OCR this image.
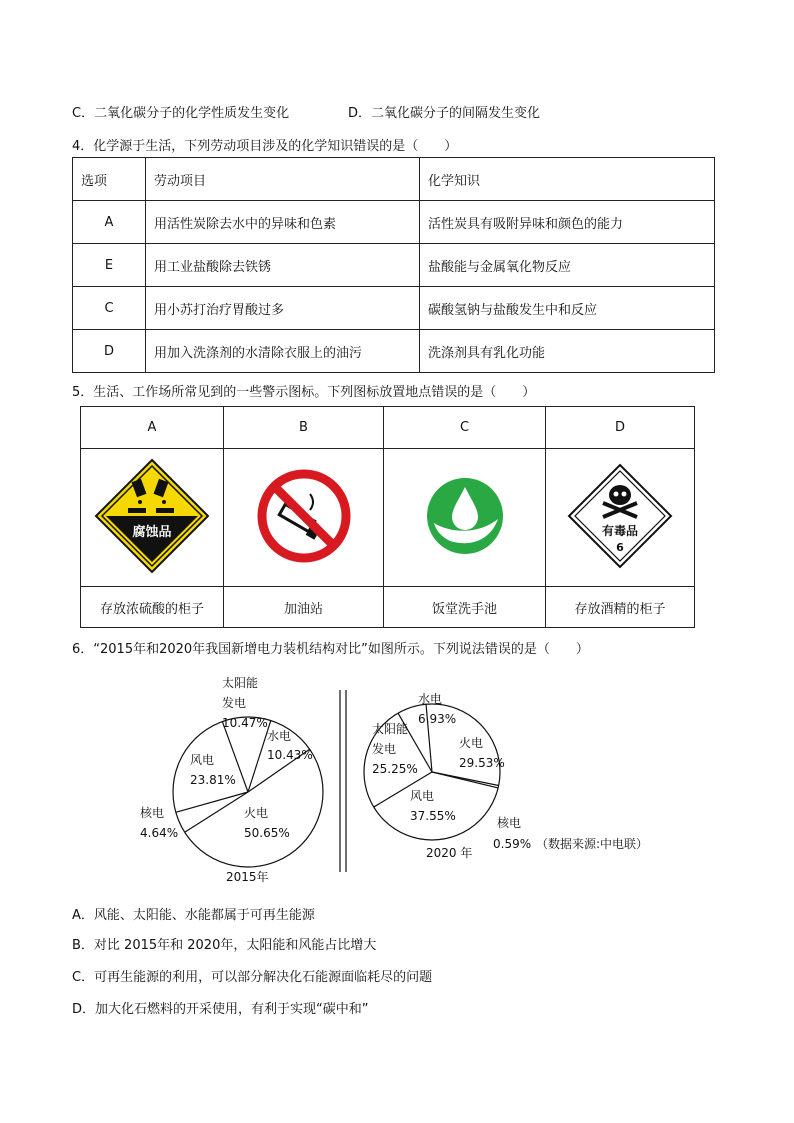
C．二氧化碳分子的化学性质发生变化	D．二氧化碳分子的间隔发生变化
4．化学源于生活，下列劳动项目涉及的化学知识错误的是（　　）
选项	劳动项目	化学知识
A	用活性炭除去水中的异味和色素	活性炭具有吸附异味和颜色的能力
E	用工业盐酸除去铁锈	盐酸能与金属氧化物反应
C	用小苏打治疗胃酸过多	碳酸氢钠与盐酸发生中和反应
D	用加入洗涤剂的水清除衣服上的油污	洗涤剂具有乳化功能
5．生活、工作场所常见到的一些警示图标。下列图标放置地点错误的是（　　）
A	B	C	D

腐蚀品			有毒品
6

存放浓硫酸的柜子	加油站	饭堂洗手池	存放酒精的柜子
6．“2015年和2020年我国新增电力装机结构对比”如图所示。下列说法错误的是（　　）
太阳能
发电
10.47%
水电
10.43%
风电
23.81%
火电
50.65%
核电
4.64%
2015年
水电
6.93%
火电
29.53%
太阳能
发电
25.25%
风电
37.55%	核电
0.59% （数据来源:中电联）
2020 年
A．风能、太阳能、水能都属于可再生能源
B．对比 2015年和 2020年，太阳能和风能占比增大
C．可再生能源的利用，可以部分解决化石能源面临耗尽的问题
D．加大化石燃料的开采使用，有利于实现“碳中和”
